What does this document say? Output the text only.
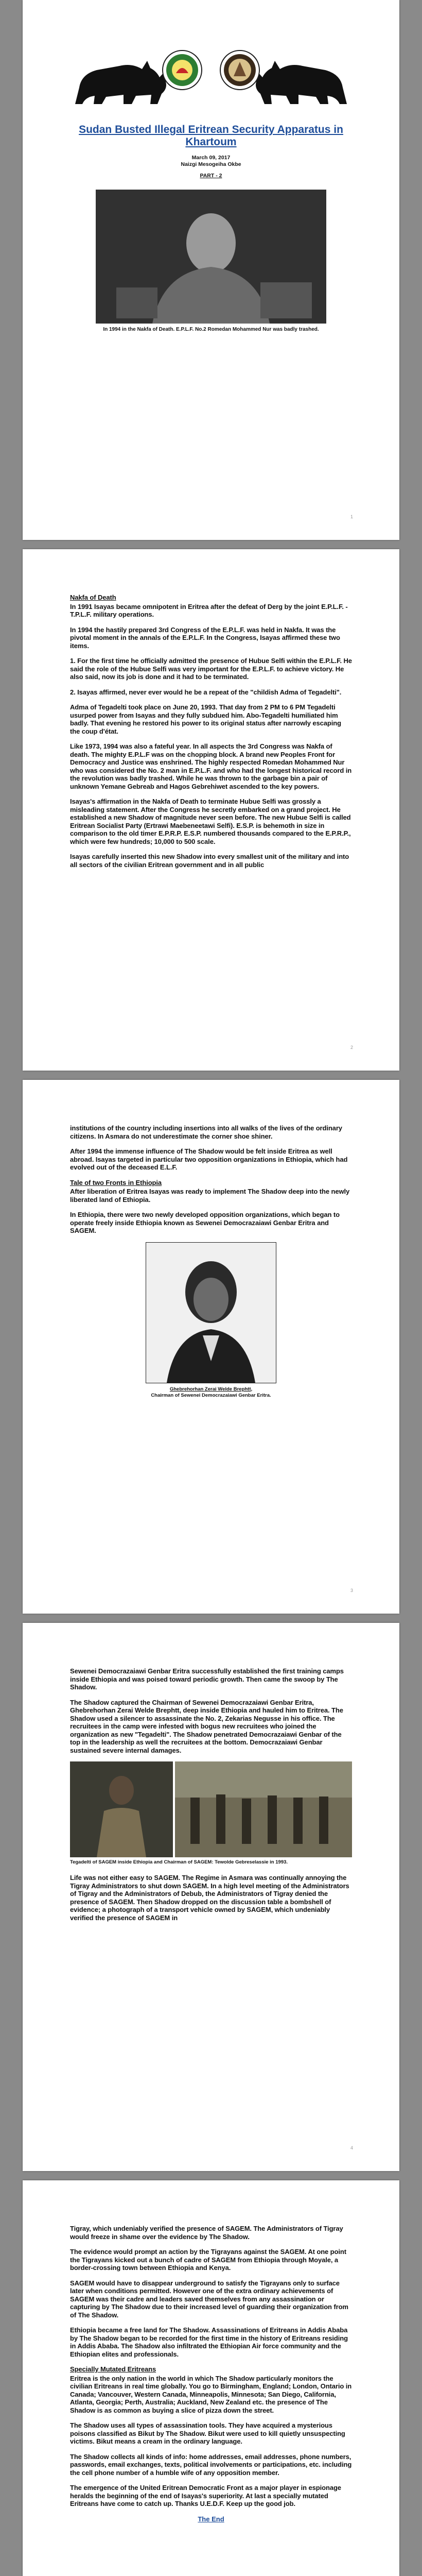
Sudan Busted Illegal Eritrean Security Apparatus in Khartoum
March 09, 2017
Naizgi Mesogeiha Okbe
PART - 2
In 1994 in the Nakfa of Death. E.P.L.F. No.2 Romedan Mohammed Nur was badly trashed.
1

Nakfa of Death

In 1991 Isayas became omnipotent in Eritrea after the defeat of Derg by the joint E.P.L.F. - T.P.L.F. military operations.

In 1994 the hastily prepared 3rd Congress of the E.P.L.F. was held in Nakfa. It was the pivotal moment in the annals of the E.P.L.F. In the Congress, Isayas affirmed these two items.

1. For the first time he officially admitted the presence of Hubue Selfi within the E.P.L.F. He said the role of the Hubue Selfi was very important for the E.P.L.F. to achieve victory. He also said, now its job is done and it had to be terminated.

2. Isayas affirmed, never ever would he be a repeat of the "childish Adma of Tegadelti".

Adma of Tegadelti took place on June 20, 1993. That day from 2 PM to 6 PM Tegadelti usurped power from Isayas and they fully subdued him. Abo-Tegadelti humiliated him badly. That evening he restored his power to its original status after narrowly escaping the coup d'état.

Like 1973, 1994 was also a fateful year. In all aspects the 3rd Congress was Nakfa of death. The mighty E.P.L.F was on the chopping block. A brand new Peoples Front for Democracy and Justice was enshrined. The highly respected Romedan Mohammed Nur who was considered the No. 2 man in E.P.L.F. and who had the longest historical record in the revolution was badly trashed. While he was thrown to the garbage bin a pair of unknown Yemane Gebreab and Hagos Gebrehiwet ascended to the key powers.

Isayas's affirmation in the Nakfa of Death to terminate Hubue Selfi was grossly a misleading statement. After the Congress he secretly embarked on a grand project. He established a new Shadow of magnitude never seen before. The new Hubue Selfi is called Eritrean Socialist Party (Ertrawi Maebeneetawi Selfi). E.S.P. is behemoth in size in comparison to the old timer E.P.R.P. E.S.P. numbered thousands compared to the E.P.R.P., which were few hundreds; 10,000 to 500 scale.

Isayas carefully inserted this new Shadow into every smallest unit of the military and into all sectors of the civilian Eritrean government and in all public

2

institutions of the country including insertions into all walks of the lives of the ordinary citizens. In Asmara do not underestimate the corner shoe shiner.

After 1994 the immense influence of The Shadow would be felt inside Eritrea as well abroad. Isayas targeted in particular two opposition organizations in Ethiopia, which had evolved out of the deceased E.L.F.

Tale of two Fronts in Ethiopia

After liberation of Eritrea Isayas was ready to implement The Shadow deep into the newly liberated land of Ethiopia.

In Ethiopia, there were two newly developed opposition organizations, which began to operate freely inside Ethiopia known as Sewenei Democrazaiawi Genbar Eritra and SAGEM.

Ghebrehorhan Zerai Welde Brephtt,
Chairman of Sewenei Democrazaiawi Genbar Eritra.
3

Sewenei Democrazaiawi Genbar Eritra successfully established the first training camps inside Ethiopia and was poised toward periodic growth. Then came the swoop by The Shadow.

The Shadow captured the Chairman of Sewenei Democrazaiawi Genbar Eritra, Ghebrehorhan Zerai Welde Brephtt, deep inside Ethiopia and hauled him to Eritrea. The Shadow used a silencer to assassinate the No. 2, Zekarias Negusse in his office. The recruitees in the camp were infested with bogus new recruitees who joined the organization as new "Tegadelti". The Shadow penetrated Democrazaiawi Genbar of the top in the leadership as well the recruitees at the bottom. Democrazaiawi Genbar sustained severe internal damages.

Tegadelti of SAGEM inside Ethiopia and Chairman of SAGEM: Tewolde Gebreselassie in 1993.

Life was not either easy to SAGEM. The Regime in Asmara was continually annoying the Tigray Administrators to shut down SAGEM. In a high level meeting of the Administrators of Tigray and the Administrators of Debub, the Administrators of Tigray denied the presence of SAGEM. Then Shadow dropped on the discussion table a bombshell of evidence; a photograph of a transport vehicle owned by SAGEM, which undeniably verified the presence of SAGEM in

4

Tigray, which undeniably verified the presence of SAGEM. The Administrators of Tigray would freeze in shame over the evidence by The Shadow.

The evidence would prompt an action by the Tigrayans against the SAGEM. At one point the Tigrayans kicked out a bunch of cadre of SAGEM from Ethiopia through Moyale, a border-crossing town between Ethiopia and Kenya.

SAGEM would have to disappear underground to satisfy the Tigrayans only to surface later when conditions permitted. However one of the extra ordinary achievements of SAGEM was their cadre and leaders saved themselves from any assassination or capturing by The Shadow due to their increased level of guarding their organization from of The Shadow.

Ethiopia became a free land for The Shadow. Assassinations of Eritreans in Addis Ababa by The Shadow began to be recorded for the first time in the history of Eritreans residing in Addis Ababa. The Shadow also infiltrated the Ethiopian Air force community and the Ethiopian elites and professionals.

Specially Mutated Eritreans

Eritrea is the only nation in the world in which The Shadow particularly monitors the civilian Eritreans in real time globally. You go to Birmingham, England; London, Ontario in Canada; Vancouver, Western Canada, Minneapolis, Minnesota; San Diego, California, Atlanta, Georgia; Perth, Australia; Auckland, New Zealand etc. the presence of The Shadow is as common as buying a slice of pizza down the street.

The Shadow uses all types of assassination tools. They have acquired a mysterious poisons classified as Bikut by The Shadow. Bikut were used to kill quietly unsuspecting victims. Bikut means a cream in the ordinary language.

The Shadow collects all kinds of info: home addresses, email addresses, phone numbers, passwords, email exchanges, texts, political involvements or participations, etc. including the cell phone number of a humble wife of any opposition member.

The emergence of the United Eritrean Democratic Front as a major player in espionage heralds the beginning of the end of Isayas's superiority. At last a specially mutated Eritreans have come to catch up. Thanks U.E.D.F. Keep up the good job.

The End
